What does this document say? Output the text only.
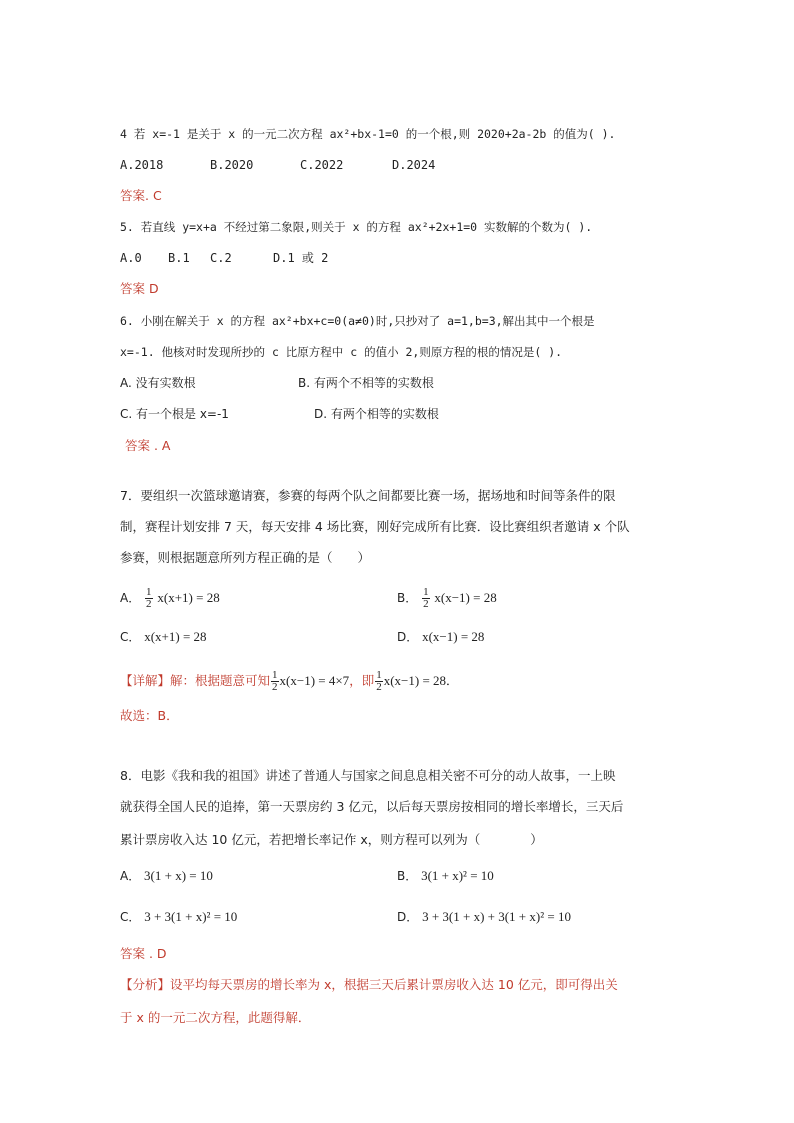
4 若 x=-1 是关于 x 的一元二次方程 ax²+bx-1=0 的一个根,则 2020+2a-2b 的值为( ).
A.2018	B.2020	C.2022	D.2024
答案. C
5. 若直线 y=x+a 不经过第二象限,则关于 x 的方程 ax²+2x+1=0 实数解的个数为( ).
A.0 B.1 C.2	D.1 或 2
答案 D
6. 小刚在解关于 x 的方程 ax²+bx+c=0(a≠0)时,只抄对了 a=1,b=3,解出其中一个根是
x=-1. 他核对时发现所抄的 c 比原方程中 c 的值小 2,则原方程的根的情况是( ).
A. 没有实数根	B. 有两个不相等的实数根
C. 有一个根是 x=-1	D. 有两个相等的实数根
答案 . A
7．要组织一次篮球邀请赛，参赛的每两个队之间都要比赛一场，据场地和时间等条件的限
制，赛程计划安排 7 天，每天安排 4 场比赛，刚好完成所有比赛．设比赛组织者邀请 x 个队
参赛，则根据题意所列方程正确的是（　　）
A． $\frac{1}{2} x(x+1) = 28$	B． $\frac{1}{2} x(x-1) = 28$
C． x(x+1) = 28	D． x(x−1) = 28
【详解】解：根据题意可知 $\frac{1}{2} x(x-1) = 4\times 7$，即 $\frac{1}{2} x(x-1) = 28$．
故选：B．
8．电影《我和我的祖国》讲述了普通人与国家之间息息相关密不可分的动人故事，一上映
就获得全国人民的追捧，第一天票房约 3 亿元，以后每天票房按相同的增长率增长，三天后
累计票房收入达 10 亿元，若把增长率记作 x，则方程可以列为（　　　　）
A． 3(1 + x) = 10	B． 3(1 + x)² = 10
C． 3 + 3(1 + x)² = 10	D． 3 + 3(1 + x) + 3(1 + x)² = 10
答案 . D
【分析】设平均每天票房的增长率为 x，根据三天后累计票房收入达 10 亿元，即可得出关
于 x 的一元二次方程，此题得解．
